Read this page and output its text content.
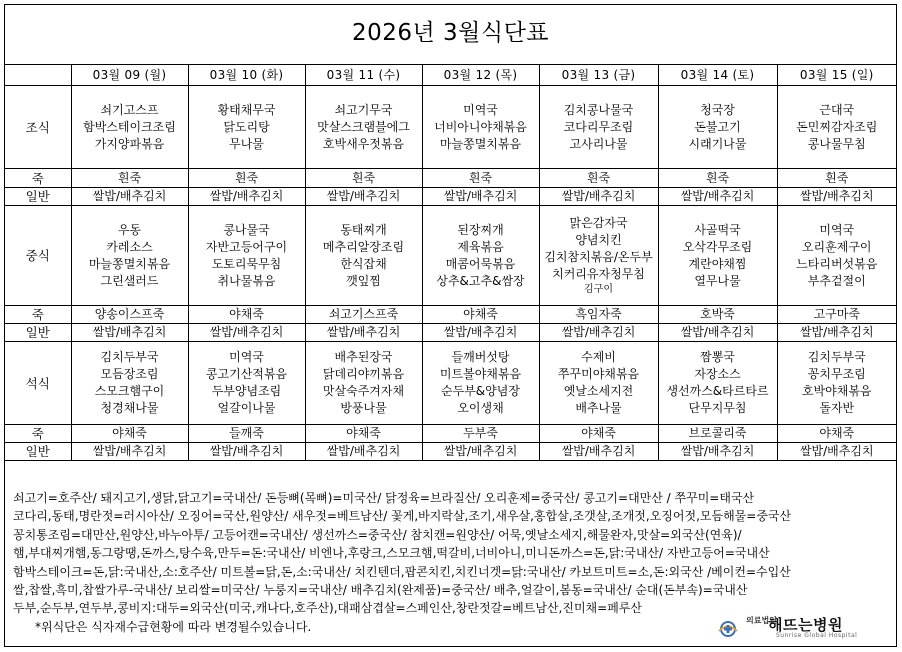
2026년 3월식단표
	03월 09 (월)	03월 10 (화)	03월 11 (수)	03월 12 (목)	03월 13 (금)	03월 14 (토)	03월 15 (일)
조식	쇠기고스프
함박스테이크조림
가지양파볶음	황태채무국
닭도리탕
무나물	쇠고기무국
맛살스크램블에그
호박새우젓볶음	미역국
너비아니야채볶음
마늘쫑멸치볶음	김치콩나물국
코다리무조림
고사리나물	청국장
돈불고기
시래기나물	근대국
돈민찌감자조림
콩나물무침

죽	흰죽	흰죽	흰죽	흰죽	흰죽	흰죽	흰죽
일반	쌀밥/배추김치	쌀밥/배추김치	쌀밥/배추김치	쌀밥/배추김치	쌀밥/배추김치	쌀밥/배추김치	쌀밥/배추김치
중식	우동
카레소스
마늘쫑멸치볶음
그린샐러드	콩나물국
자반고등어구이
도토리묵무침
취나물볶음	동태찌개
메추리알장조림
한식잡채
깻잎찜	된장찌개
제육볶음
매콤어묵볶음
상추&고추&쌈장	맑은감자국
양념치킨
김치참치볶음/온두부
치커리유자청무침
김구이	사골떡국
오삭각무조림
계란야채찜
열무나물	미역국
오리훈제구이
느타리버섯볶음
부추겉절이

죽	양송이스프죽	야채죽	쇠고기스프죽	야채죽	흑임자죽	호박죽	고구마죽
일반	쌀밥/배추김치	쌀밥/배추김치	쌀밥/배추김치	쌀밥/배추김치	쌀밥/배추김치	쌀밥/배추김치	쌀밥/배추김치
석식	김치두부국
모듬장조림
스모크햄구이
청경채나물	미역국
콩고기산적볶음
두부양념조림
얼갈이나물	배추된장국
닭데리야끼볶음
맛살숙주겨자채
방풍나물	들깨버섯탕
미트볼야채볶음
순두부&양념장
오이생채	수제비
쭈꾸미야채볶음
옛날소세지전
배추나물	짬뽕국
자장소스
생선까스&타르타르
단무지무침	김치두부국
꽁치무조림
호박야채볶음
돌자반

죽	야채죽	들깨죽	야채죽	두부죽	야채죽	브로콜리죽	야채죽
일반	쌀밥/배추김치	쌀밥/배추김치	쌀밥/배추김치	쌀밥/배추김치	쌀밥/배추김치	쌀밥/배추김치	쌀밥/배추김치
쇠고기=호주산/ 돼지고기,생닭,닭고기=국내산/ 돈등뼈(목뼈)=미국산/ 닭정육=브라질산/ 오리훈제=중국산/ 콩고기=대만산 / 쭈꾸미=태국산
코다리,동태,명란젓=러시아산/ 오징어=국산,원양산/ 새우젓=베트남산/ 꽃게,바지락살,조기,새우살,홍합살,조갯살,조개젓,오징어젓,모듬해물=중국산
꽁치통조림=대만산,원양산,바누아투/ 고등어캔=국내산/ 생선까스=중국산/ 참치캔=원양산/ 어묵,옛날소세지,해물완자,맛살=외국산(연육)/
햄,부대찌개햄,동그랑땡,돈까스,탕수육,만두=돈:국내산/ 비엔나,후랑크,스모크햄,떡갈비,너비아니,미니돈까스=돈,닭:국내산/ 자반고등어=국내산
함박스테이크=돈,닭:국내산,소:호주산/ 미트볼=닭,돈,소:국내산/ 치킨텐더,팝콘치킨,치킨너겟=닭:국내산/ 카보트미트=소,돈:외국산 /베이컨=수입산
쌀,찹쌀,흑미,찹쌀가루-국내산/ 보리쌀=미국산/ 누룽지=국내산/ 배추김치(완제품)=중국산/ 배추,얼갈이,봄동=국내산/ 순대(돈부속)=국내산
두부,순두부,연두부,콩비지:대두=외국산(미국,캐나다,호주산),대패삼겹살=스페인산,창란젓갈=베트남산,진미채=페루산
*위식단은 식자재수급현황에 따라 변경될수있습니다.	의료법인
해뜨는병원
Sunrise Global Hospital
